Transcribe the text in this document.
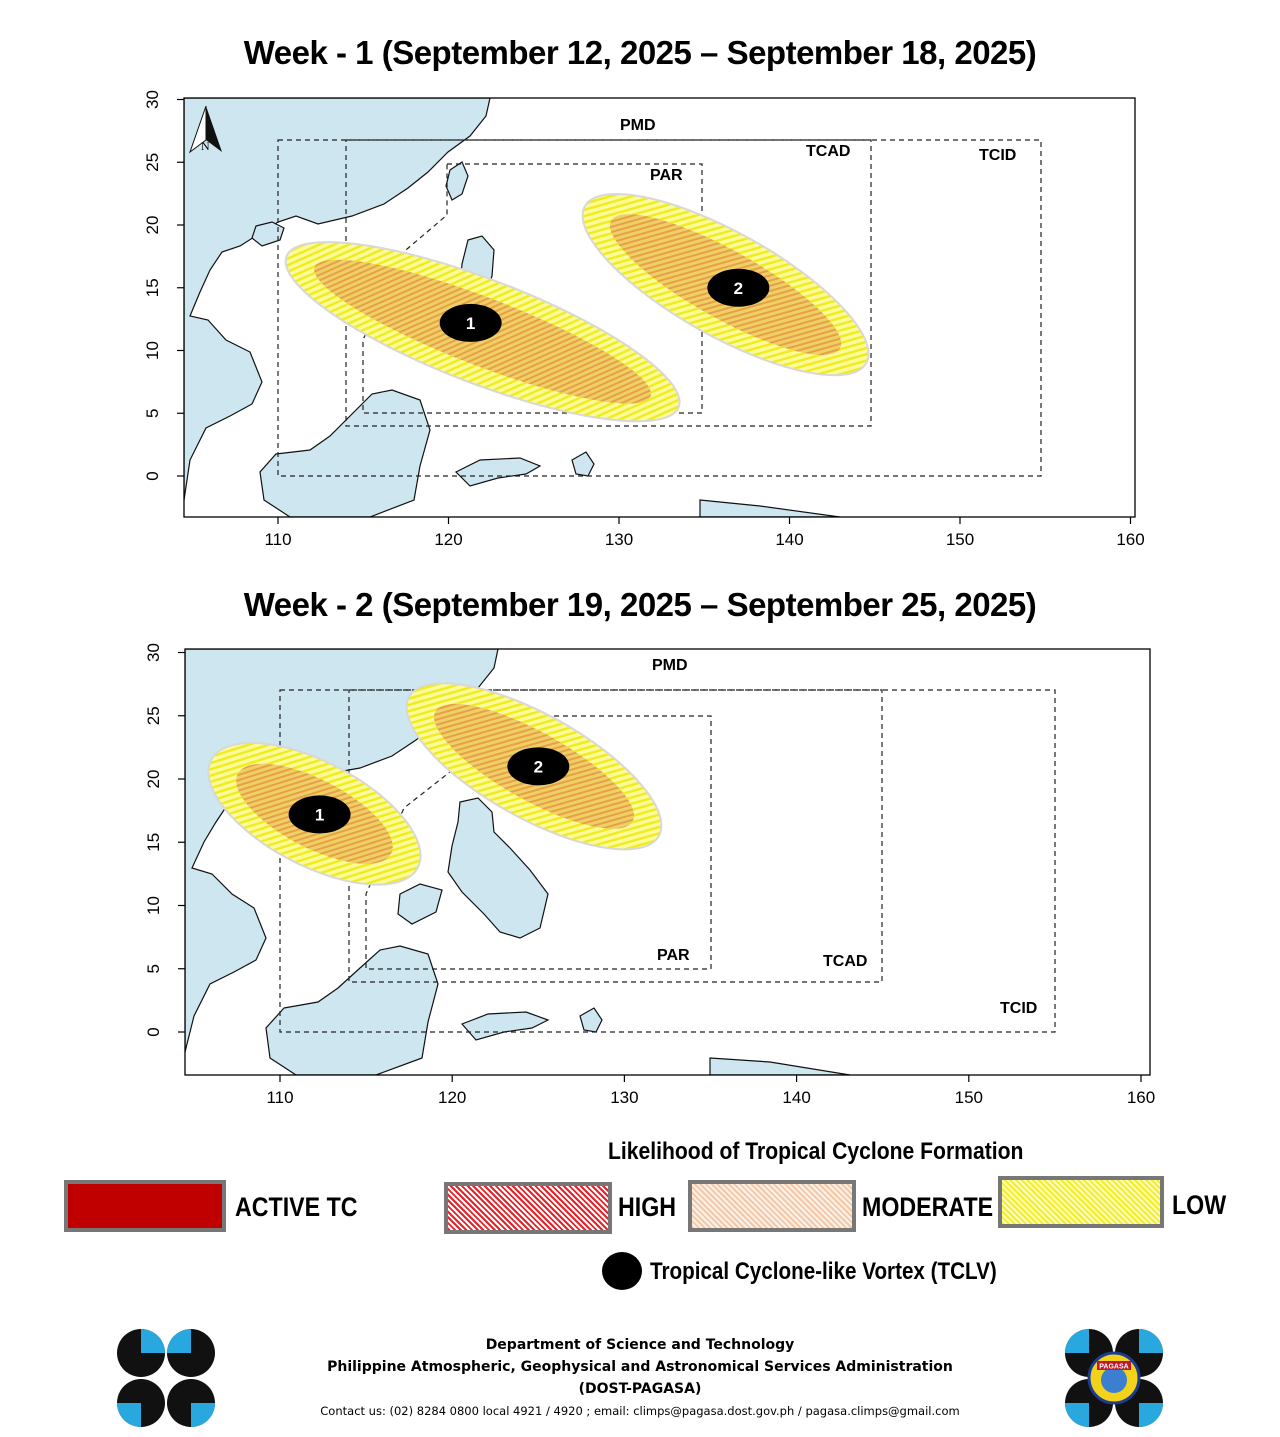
Week - 1 (September 12, 2025 – September 18, 2025)
1
2
PMD
TCAD	TCID
PAR
N
110	120	130	140	150	160
0
5
10
15
20
25
30
Week - 2 (September 19, 2025 – September 25, 2025)
1
2
PMD
TCAD
TCID
PAR
110	120	130	140	150	160
0
5
10
15
20
25
30
Likelihood of Tropical Cyclone Formation
ACTIVE TC	HIGH	MODERATE	LOW
Tropical Cyclone-like Vortex (TCLV)
PAGASA
Department of Science and Technology
Philippine Atmospheric, Geophysical and Astronomical Services Administration
(DOST-PAGASA)
Contact us: (02) 8284 0800 local 4921 / 4920 ; email: climps@pagasa.dost.gov.ph / pagasa.climps@gmail.com
